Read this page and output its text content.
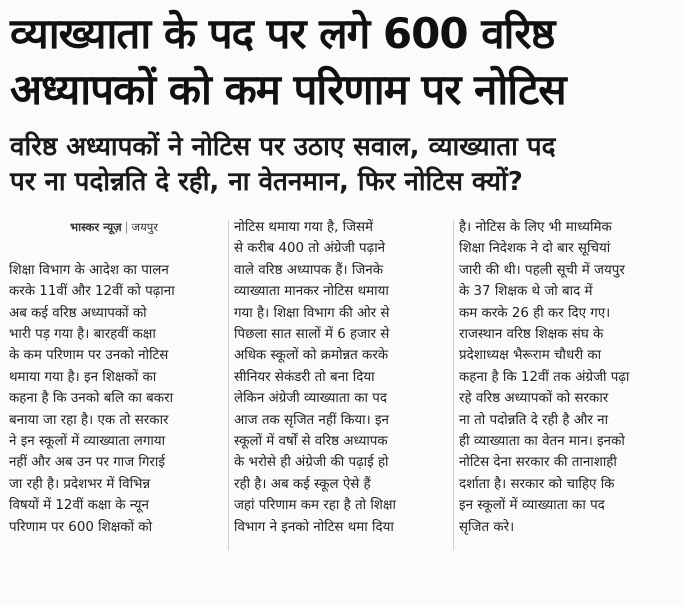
व्याख्याता के पद पर लगे 600 वरिष्ठ
अध्यापकों को कम परिणाम पर नोटिस
वरिष्ठ अध्यापकों ने नोटिस पर उठाए सवाल, व्याख्याता पद
पर ना पदोन्नति दे रही, ना वेतनमान, फिर नोटिस क्यों?
भास्कर न्यूज़ | जयपुर
शिक्षा विभाग के आदेश का पालन
करके 11वीं और 12वीं को पढ़ाना
अब कई वरिष्ठ अध्यापकों को
भारी पड़ गया है। बारहवीं कक्षा
के कम परिणाम पर उनको नोटिस
थमाया गया है। इन शिक्षकों का
कहना है कि उनको बलि का बकरा
बनाया जा रहा है। एक तो सरकार
ने इन स्कूलों में व्याख्याता लगाया
नहीं और अब उन पर गाज गिराई
जा रही है। प्रदेशभर में विभिन्न
विषयों में 12वीं कक्षा के न्यून
परिणाम पर 600 शिक्षकों को
नोटिस थमाया गया है, जिसमें
से करीब 400 तो अंग्रेजी पढ़ाने
वाले वरिष्ठ अध्यापक हैं। जिनके
व्याख्याता मानकर नोटिस थमाया
गया है। शिक्षा विभाग की ओर से
पिछला सात सालों में 6 हजार से
अधिक स्कूलों को क्रमोन्नत करके
सीनियर सेकंडरी तो बना दिया
लेकिन अंग्रेजी व्याख्याता का पद
आज तक सृजित नहीं किया। इन
स्कूलों में वर्षों से वरिष्ठ अध्यापक
के भरोसे ही अंग्रेजी की पढ़ाई हो
रही है। अब कई स्कूल ऐसे हैं
जहां परिणाम कम रहा है तो शिक्षा
विभाग ने इनको नोटिस थमा दिया
है। नोटिस के लिए भी माध्यमिक
शिक्षा निदेशक ने दो बार सूचियां
जारी की थी। पहली सूची में जयपुर
के 37 शिक्षक थे जो बाद में
कम करके 26 ही कर दिए गए।
राजस्थान वरिष्ठ शिक्षक संघ के
प्रदेशाध्यक्ष भैरूराम चौधरी का
कहना है कि 12वीं तक अंग्रेजी पढ़ा
रहे वरिष्ठ अध्यापकों को सरकार
ना तो पदोन्नति दे रही है और ना
ही व्याख्याता का वेतन मान। इनको
नोटिस देना सरकार की तानाशाही
दर्शाता है। सरकार को चाहिए कि
इन स्कूलों में व्याख्याता का पद
सृजित करे।
